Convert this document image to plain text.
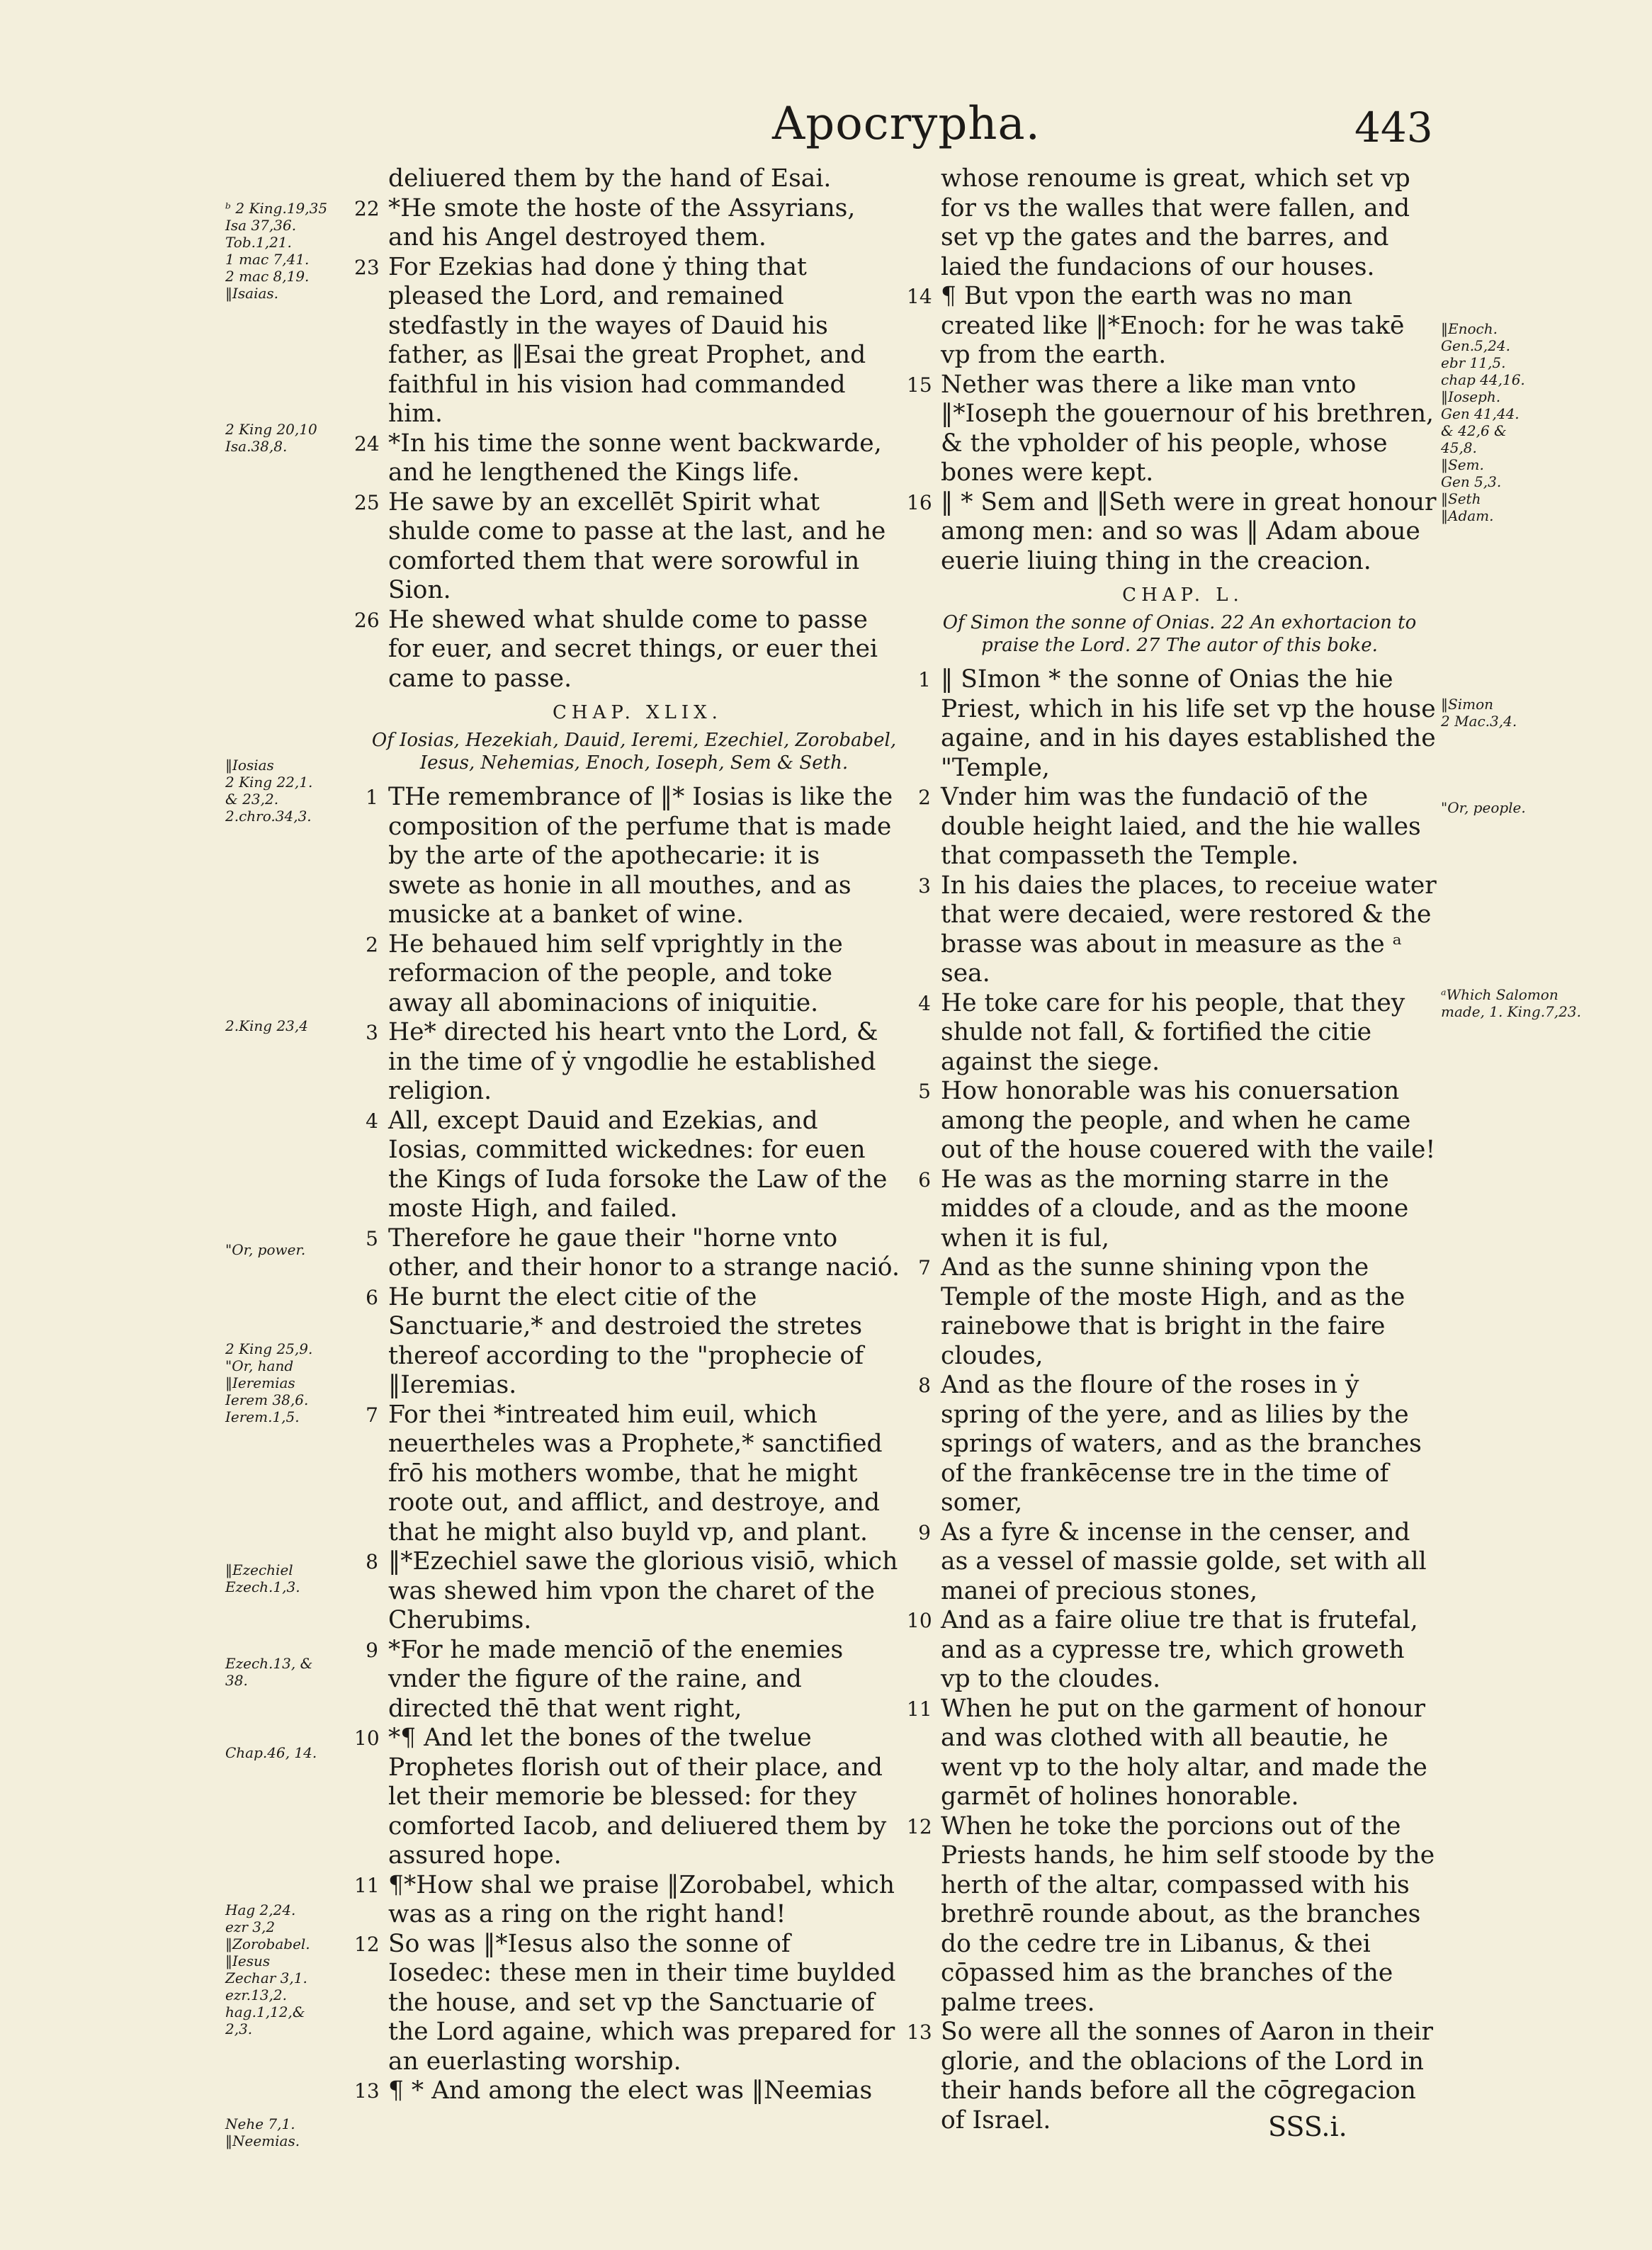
Apocrypha.	443
ᵇ 2 King.19,35
Isa 37,36.
Tob.1,21.
1 mac 7,41.
2 mac 8,19.
‖Isaias.
2 King 20,10
Isa.38,8.
‖Iosias
2 King 22,1.
& 23,2.
2.chro.34,3.
2.King 23,4
"Or, power.
2 King 25,9.
"Or, hand
‖Ieremias
Ierem 38,6.
Ierem.1,5.
‖Ezechiel
Ezech.1,3.
Ezech.13, &
38.
Chap.46, 14.
Hag 2,24.
ezr 3,2
‖Zorobabel.
‖Iesus
Zechar 3,1.
ezr.13,2.
hag.1,12,&
2,3.
Nehe 7,1.
‖Neemias.

deliuered them by the hand of Esai.

22 *He smote the hoste of the Assyrians, and his Angel destroyed them.

23 For Ezekias had done ẏ thing that pleased the Lord, and remained stedfastly in the wayes of Dauid his father, as ‖Esai the great Prophet, and faithful in his vision had commanded him.

24 *In his time the sonne went backwarde, and he lengthened the Kings life.

25 He sawe by an excellēt Spirit what shulde come to passe at the last, and he comforted them that were sorowful in Sion.

26 He shewed what shulde come to passe for euer, and secret things, or euer thei came to passe.

CHAP. XLIX.
Of Iosias, Hezekiah, Dauid, Ieremi, Ezechiel, Zorobabel, Iesus, Nehemias, Enoch, Ioseph, Sem & Seth.

1 THe remembrance of ‖* Iosias is like the composition of the perfume that is made by the arte of the apothecarie: it is swete as honie in all mouthes, and as musicke at a banket of wine.

2 He behaued him self vprightly in the reformacion of the people, and toke away all abominacions of iniquitie.

3 He* directed his heart vnto the Lord, & in the time of ẏ vngodlie he established religion.

4 All, except Dauid and Ezekias, and Iosias, committed wickednes: for euen the Kings of Iuda forsoke the Law of the moste High, and failed.

5 Therefore he gaue their "horne vnto other, and their honor to a strange nació.

6 He burnt the elect citie of the Sanctuarie,* and destroied the stretes thereof according to the "prophecie of ‖Ieremias.

7 For thei *intreated him euil, which neuertheles was a Prophete,* sanctified frō his mothers wombe, that he might roote out, and afflict, and destroye, and that he might also buyld vp, and plant.

8 ‖*Ezechiel sawe the glorious visiō, which was shewed him vpon the charet of the Cherubims.

9 *For he made menciō of the enemies vnder the figure of the raine, and directed thē that went right,

10 *¶ And let the bones of the twelue Prophetes florish out of their place, and let their memorie be blessed: for they comforted Iacob, and deliuered them by assured hope.

11 ¶*How shal we praise ‖Zorobabel, which was as a ring on the right hand!

12 So was ‖*Iesus also the sonne of Iosedec: these men in their time buylded the house, and set vp the Sanctuarie of the Lord againe, which was prepared for an euerlasting worship.

13 ¶ * And among the elect was ‖Neemias

whose renoume is great, which set vp for vs the walles that were fallen, and set vp the gates and the barres, and laied the fundacions of our houses.

14 ¶ But vpon the earth was no man created like ‖*Enoch: for he was takē vp from the earth.

15 Nether was there a like man vnto ‖*Ioseph the gouernour of his brethren, & the vpholder of his people, whose bones were kept.

16 ‖ * Sem and ‖Seth were in great honour among men: and so was ‖ Adam aboue euerie liuing thing in the creacion.

CHAP. L.
Of Simon the sonne of Onias. 22 An exhortacion to praise the Lord. 27 The autor of this boke.

1 ‖ SImon * the sonne of Onias the hie Priest, which in his life set vp the house againe, and in his dayes established the "Temple,

2 Vnder him was the fundaciō of the double height laied, and the hie walles that compasseth the Temple.

3 In his daies the places, to receiue water that were decaied, were restored & the brasse was about in measure as the ᵃ sea.

4 He toke care for his people, that they shulde not fall, & fortified the citie against the siege.

5 How honorable was his conuersation among the people, and when he came out of the house couered with the vaile!

6 He was as the morning starre in the middes of a cloude, and as the moone when it is ful,

7 And as the sunne shining vpon the Temple of the moste High, and as the rainebowe that is bright in the faire cloudes,

8 And as the floure of the roses in ẏ spring of the yere, and as lilies by the springs of waters, and as the branches of the frankēcense tre in the time of somer,

9 As a fyre & incense in the censer, and as a vessel of massie golde, set with all manei of precious stones,

10 And as a faire oliue tre that is frutefal, and as a cypresse tre, which groweth vp to the cloudes.

11 When he put on the garment of honour and was clothed with all beautie, he went vp to the holy altar, and made the garmēt of holines honorable.

12 When he toke the porcions out of the Priests hands, he him self stoode by the herth of the altar, compassed with his brethrē rounde about, as the branches do the cedre tre in Libanus, & thei cōpassed him as the branches of the palme trees.

13 So were all the sonnes of Aaron in their glorie, and the oblacions of the Lord in their hands before all the cōgregacion of Israel.

‖Enoch.
Gen.5,24.
ebr 11,5.
chap 44,16.
‖Ioseph.
Gen 41,44.
& 42,6 &
45,8.
‖Sem.
Gen 5,3.
‖Seth
‖Adam.
‖Simon
2 Mac.3,4.
"Or, people.
ᵃWhich Salomon made, 1. King.7,23.
SSS.i.
